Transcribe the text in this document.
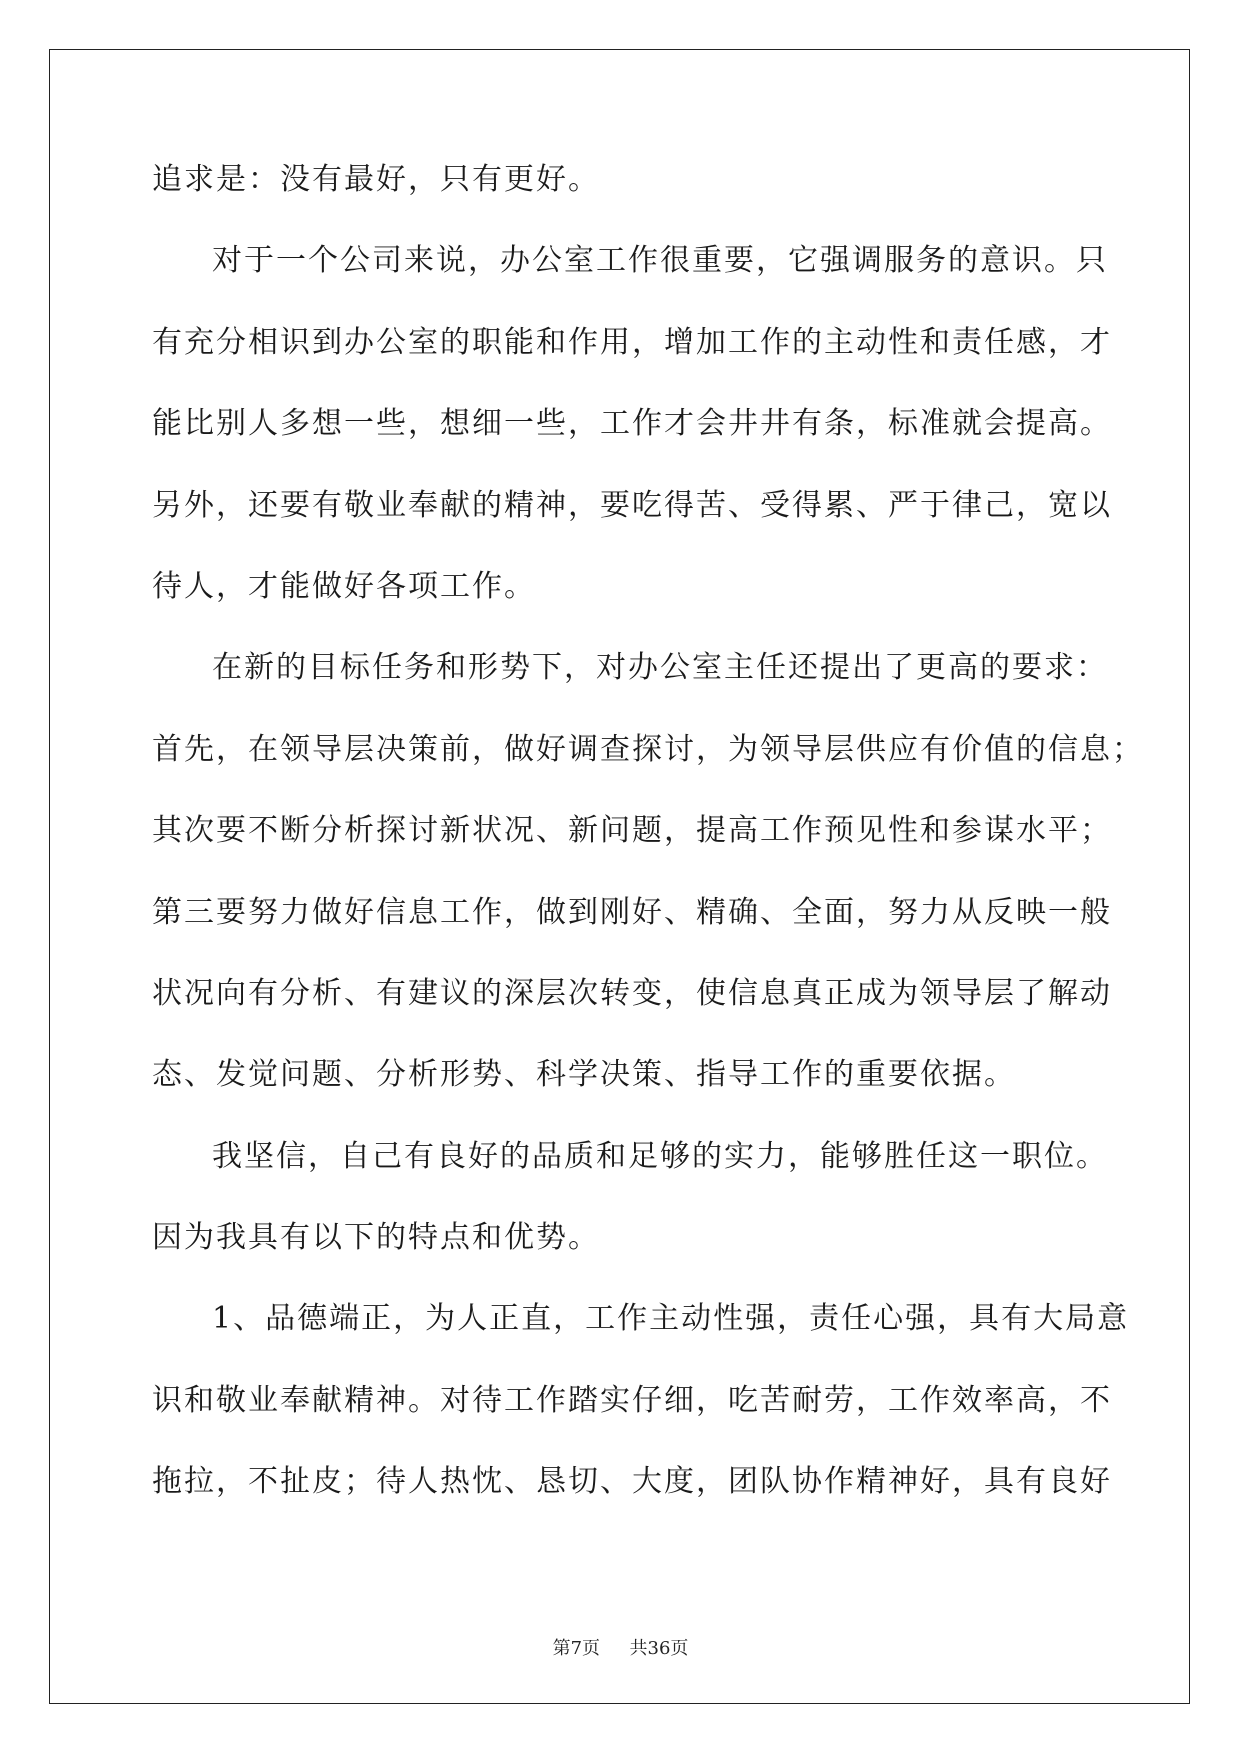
追求是：没有最好，只有更好。
对于一个公司来说，办公室工作很重要，它强调服务的意识。只
有充分相识到办公室的职能和作用，增加工作的主动性和责任感，才
能比别人多想一些，想细一些，工作才会井井有条，标准就会提高。
另外，还要有敬业奉献的精神，要吃得苦、受得累、严于律己，宽以
待人，才能做好各项工作。
在新的目标任务和形势下，对办公室主任还提出了更高的要求：
首先，在领导层决策前，做好调查探讨，为领导层供应有价值的信息；
其次要不断分析探讨新状况、新问题，提高工作预见性和参谋水平；
第三要努力做好信息工作，做到刚好、精确、全面，努力从反映一般
状况向有分析、有建议的深层次转变，使信息真正成为领导层了解动
态、发觉问题、分析形势、科学决策、指导工作的重要依据。
我坚信，自己有良好的品质和足够的实力，能够胜任这一职位。
因为我具有以下的特点和优势。
1、品德端正，为人正直，工作主动性强，责任心强，具有大局意
识和敬业奉献精神。对待工作踏实仔细，吃苦耐劳，工作效率高，不
拖拉，不扯皮；待人热忱、恳切、大度，团队协作精神好，具有良好
第7页 共36页
